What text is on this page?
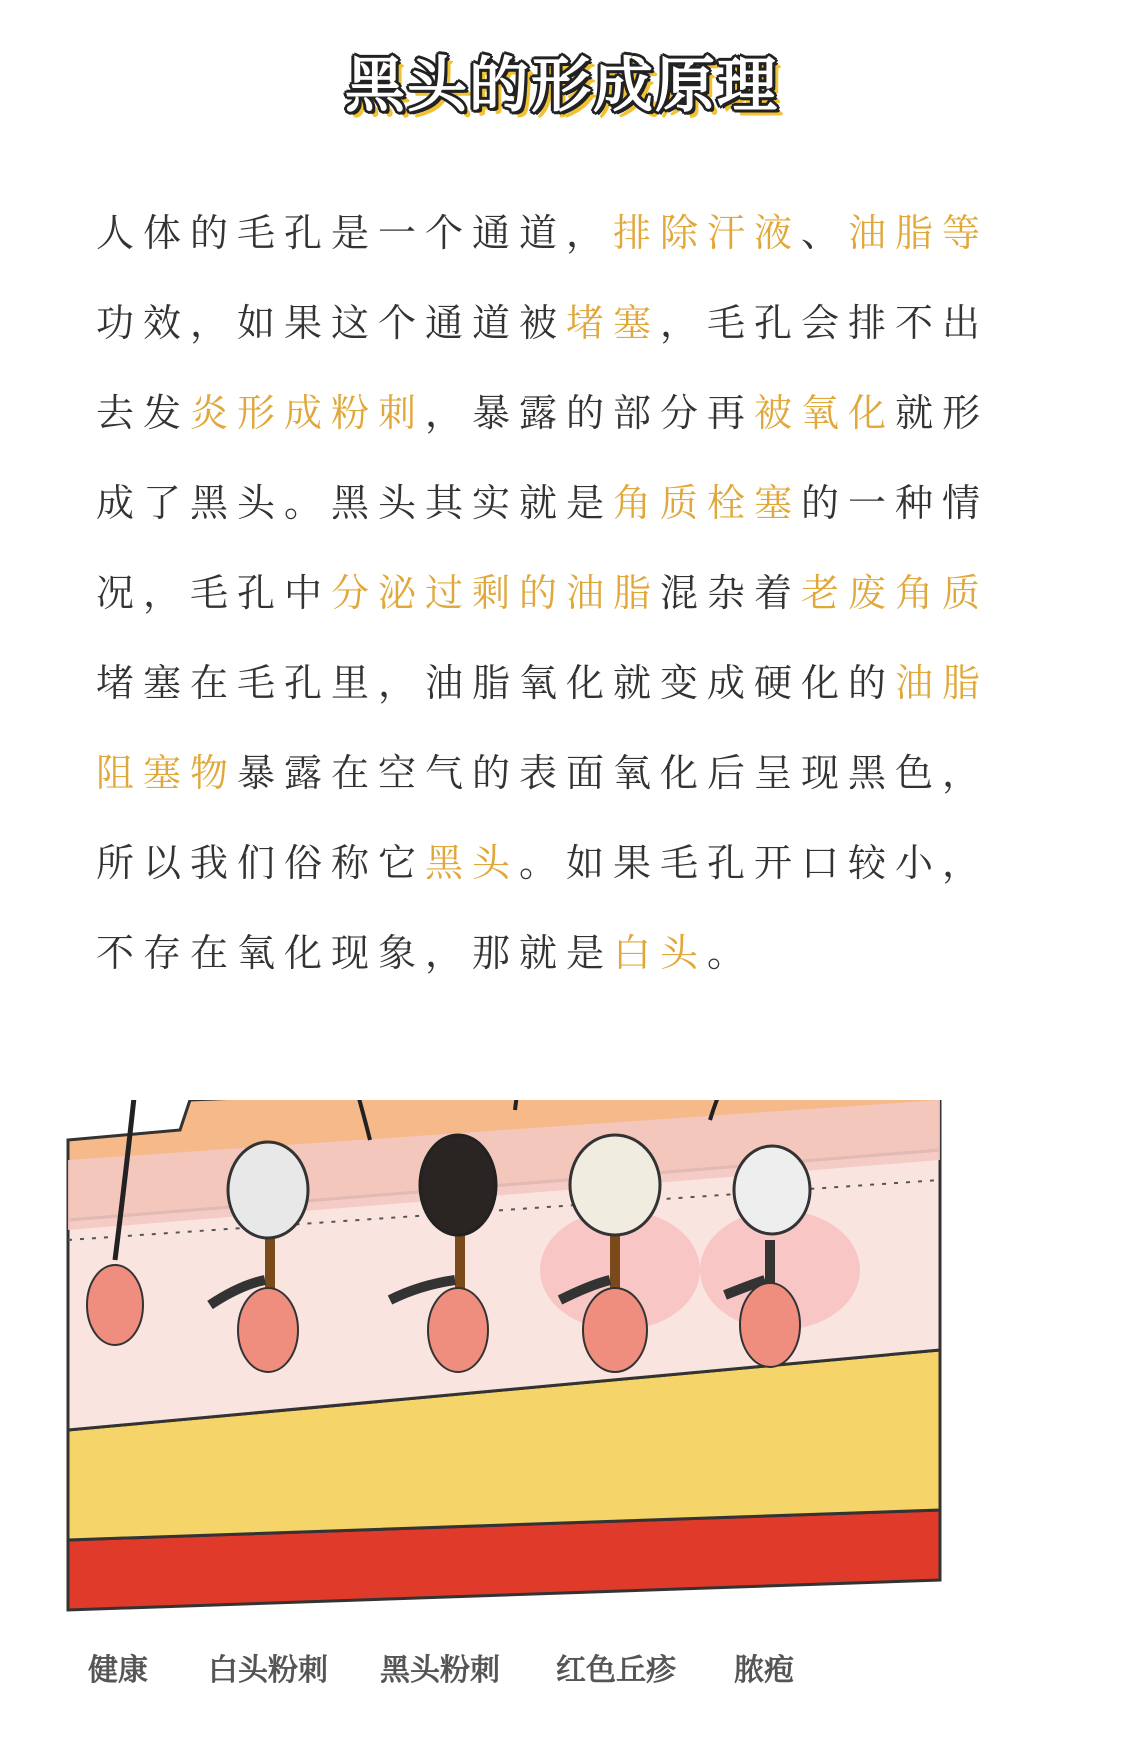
黑头的形成原理
人体的毛孔是一个通道，排除汗液、油脂等
功效，如果这个通道被堵塞，毛孔会排不出
去发炎形成粉刺，暴露的部分再被氧化就形
成了黑头。黑头其实就是角质栓塞的一种情
况，毛孔中分泌过剩的油脂混杂着老废角质
堵塞在毛孔里，油脂氧化就变成硬化的油脂
阻塞物暴露在空气的表面氧化后呈现黑色，
所以我们俗称它黑头。如果毛孔开口较小，
不存在氧化现象，那就是白头。
健康 白头粉刺 黑头粉刺 红色丘疹 脓疱
